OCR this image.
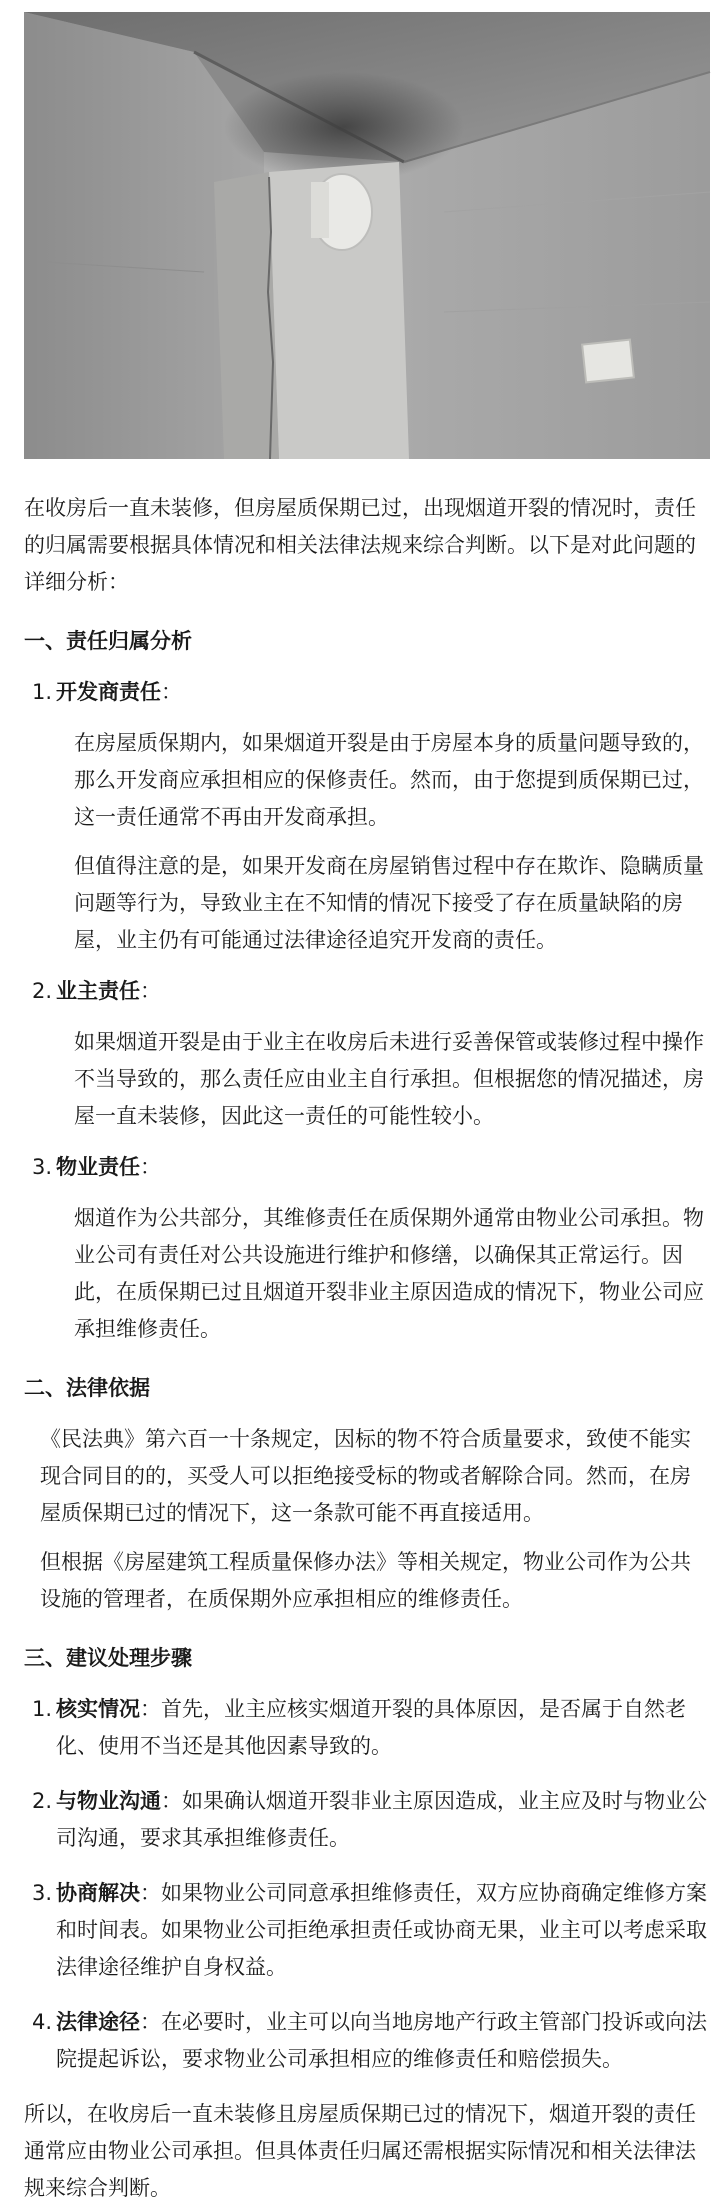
在收房后一直未装修，但房屋质保期已过，出现烟道开裂的情况时，责任的归属需要根据具体情况和相关法律法规来综合判断。以下是对此问题的详细分析：

一、责任归属分析
1. 开发商责任：

在房屋质保期内，如果烟道开裂是由于房屋本身的质量问题导致的，那么开发商应承担相应的保修责任。然而，由于您提到质保期已过，这一责任通常不再由开发商承担。

但值得注意的是，如果开发商在房屋销售过程中存在欺诈、隐瞒质量问题等行为，导致业主在不知情的情况下接受了存在质量缺陷的房屋，业主仍有可能通过法律途径追究开发商的责任。

2. 业主责任：

如果烟道开裂是由于业主在收房后未进行妥善保管或装修过程中操作不当导致的，那么责任应由业主自行承担。但根据您的情况描述，房屋一直未装修，因此这一责任的可能性较小。

3. 物业责任：

烟道作为公共部分，其维修责任在质保期外通常由物业公司承担。物业公司有责任对公共设施进行维护和修缮，以确保其正常运行。因此，在质保期已过且烟道开裂非业主原因造成的情况下，物业公司应承担维修责任。

二、法律依据

《民法典》第六百一十条规定，因标的物不符合质量要求，致使不能实现合同目的的，买受人可以拒绝接受标的物或者解除合同。然而，在房屋质保期已过的情况下，这一条款可能不再直接适用。

但根据《房屋建筑工程质量保修办法》等相关规定，物业公司作为公共设施的管理者，在质保期外应承担相应的维修责任。

三、建议处理步骤
1. 核实情况：首先，业主应核实烟道开裂的具体原因，是否属于自然老化、使用不当还是其他因素导致的。
2. 与物业沟通：如果确认烟道开裂非业主原因造成，业主应及时与物业公司沟通，要求其承担维修责任。
3. 协商解决：如果物业公司同意承担维修责任，双方应协商确定维修方案和时间表。如果物业公司拒绝承担责任或协商无果，业主可以考虑采取法律途径维护自身权益。
4. 法律途径：在必要时，业主可以向当地房地产行政主管部门投诉或向法院提起诉讼，要求物业公司承担相应的维修责任和赔偿损失。

所以，在收房后一直未装修且房屋质保期已过的情况下，烟道开裂的责任通常应由物业公司承担。但具体责任归属还需根据实际情况和相关法律法规来综合判断。
